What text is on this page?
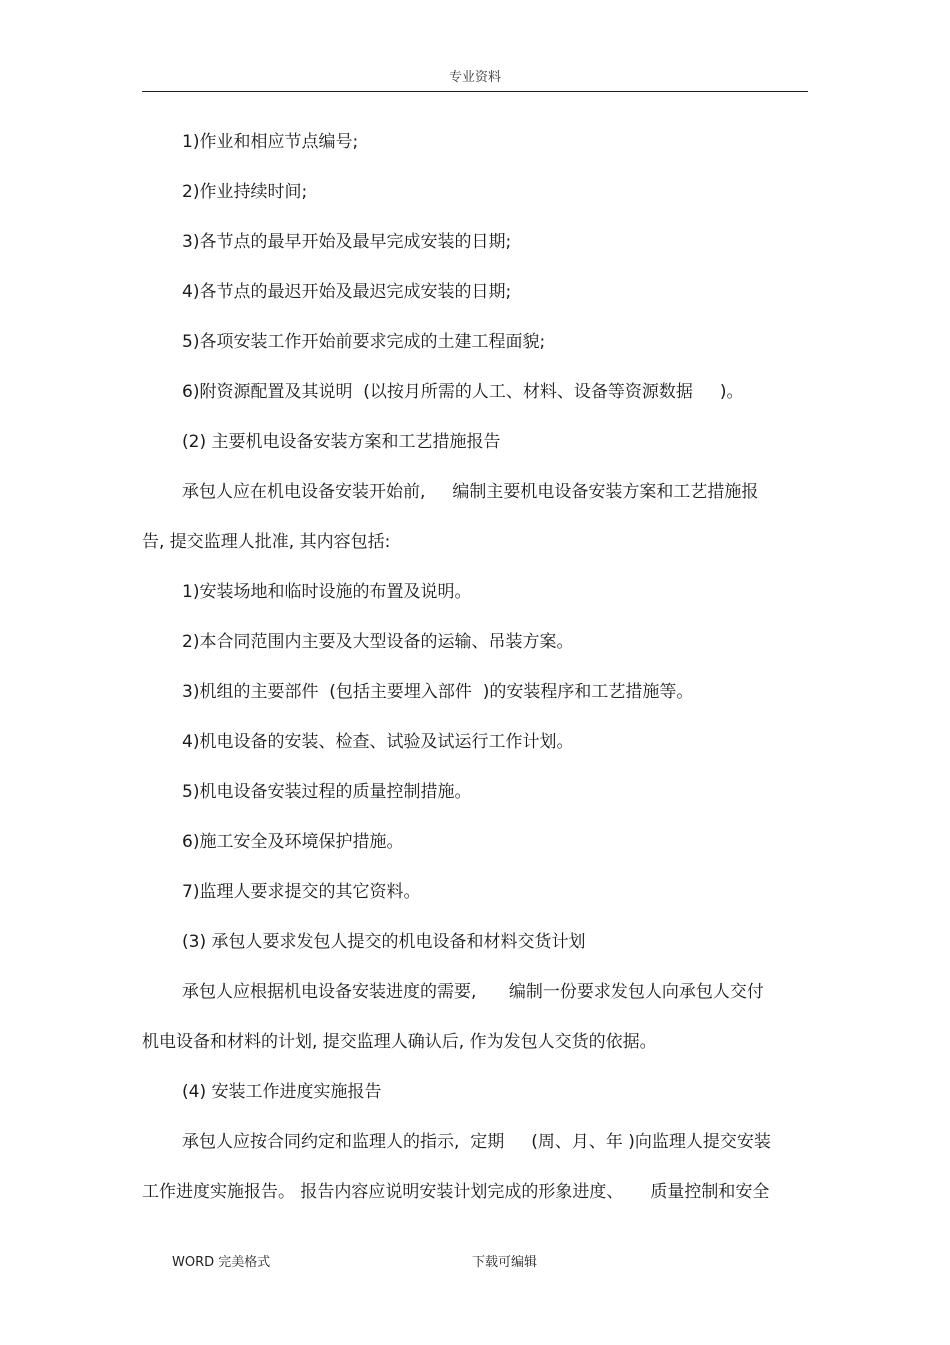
专业资料
1)作业和相应节点编号;
2)作业持续时间;
3)各节点的最早开始及最早完成安装的日期;
4)各节点的最迟开始及最迟完成安装的日期;
5)各项安装工作开始前要求完成的土建工程面貌;
6)附资源配置及其说明  (以按月所需的人工、材料、设备等资源数据     )。
(2) 主要机电设备安装方案和工艺措施报告
承包人应在机电设备安装开始前,     编制主要机电设备安装方案和工艺措施报
告, 提交监理人批准, 其内容包括:
1)安装场地和临时设施的布置及说明。
2)本合同范围内主要及大型设备的运输、吊装方案。
3)机组的主要部件  (包括主要埋入部件  )的安装程序和工艺措施等。
4)机电设备的安装、检查、试验及试运行工作计划。
5)机电设备安装过程的质量控制措施。
6)施工安全及环境保护措施。
7)监理人要求提交的其它资料。
(3) 承包人要求发包人提交的机电设备和材料交货计划
承包人应根据机电设备安装进度的需要,      编制一份要求发包人向承包人交付
机电设备和材料的计划, 提交监理人确认后, 作为发包人交货的依据。
(4) 安装工作进度实施报告
承包人应按合同约定和监理人的指示,  定期     (周、月、年 )向监理人提交安装
工作进度实施报告。 报告内容应说明安装计划完成的形象进度、     质量控制和安全
WORD 完美格式	下载可编辑
